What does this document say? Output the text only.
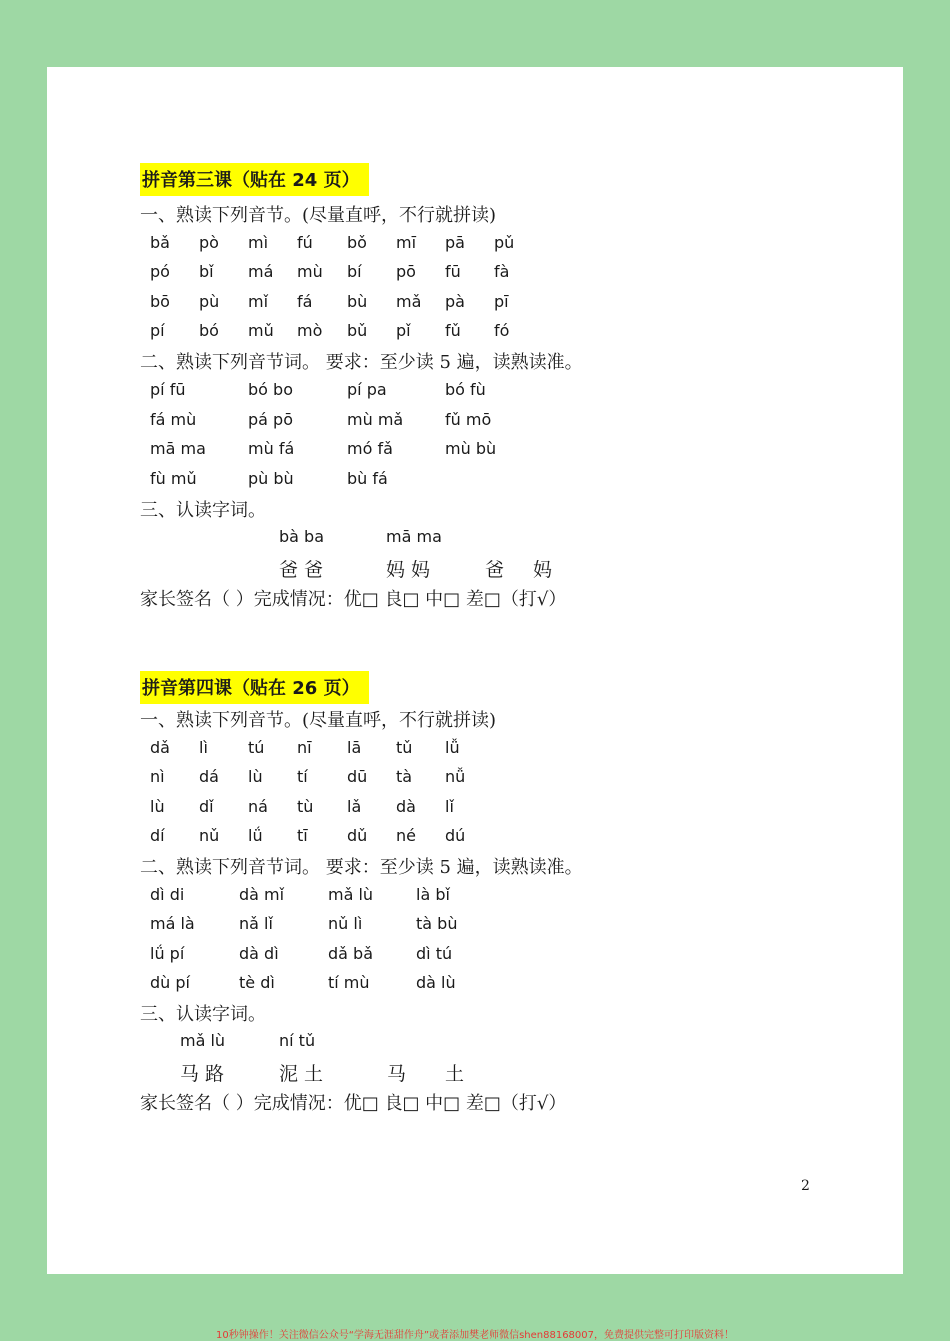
拼音第三课（贴在 24 页）
一、熟读下列音节。(尽量直呼，不行就拼读)
bǎ pò mì fú bǒ mī pā pǔ
pó bǐ má mù bí pō fū fà
bō pù mǐ fá bù mǎ pà pī
pí bó mǔ mò bǔ pǐ fǔ fó
二、熟读下列音节词。 要求：至少读 5 遍，读熟读准。
pí fū	bó bo	pí pa	bó fù
fá mù	pá pō	mù mǎ	fǔ mō
mā ma	mù fá	mó fǎ	mù bù
fù mǔ	pù bù	bù fá
三、认读字词。
bà ba	mā ma
爸 爸	妈 妈	爸 妈
家长签名（ ）完成情况：优□ 良□ 中□ 差□（打√）
拼音第四课（贴在 26 页）
一、熟读下列音节。(尽量直呼，不行就拼读)
dǎ lì	tú nī lā tǔ lǚ
nì dá lù tí dū tà nǚ
lù dǐ ná tù lǎ dà lǐ
dí nǔ lǘ tī dǔ né dú
二、熟读下列音节词。 要求：至少读 5 遍，读熟读准。
dì di	dà mǐ	mǎ lù	là bǐ
má là	nǎ lǐ	nǔ lì	tà bù
lǘ pí	dà dì	dǎ bǎ	dì tú
dù pí	tè dì	tí mù	dà lù
三、认读字词。
mǎ lù	ní tǔ
马 路	泥 土	马 土
家长签名（ ）完成情况：优□ 良□ 中□ 差□（打√）
2
10秒钟操作！关注微信公众号“学海无涯甜作舟”或者添加樊老师微信shen88168007，免费提供完整可打印版资料！
